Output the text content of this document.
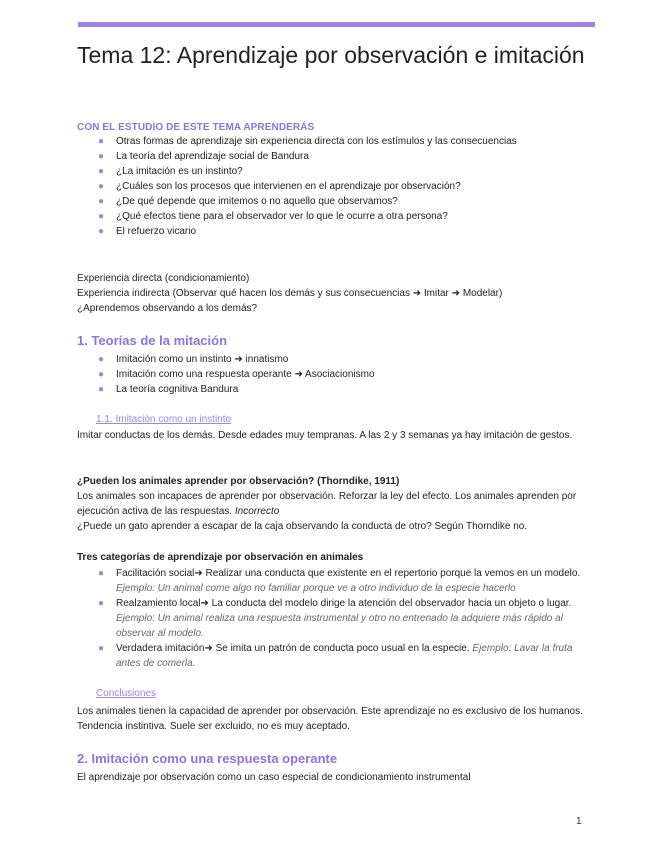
Tema 12: Aprendizaje por observación e imitación
CON EL ESTUDIO DE ESTE TEMA APRENDERÁS
● Otras formas de aprendizaje sin experiencia directa con los estímulos y las consecuencias
● La teoría del aprendizaje social de Bandura
● ¿La imitación es un instinto?
● ¿Cuáles son los procesos que intervienen en el aprendizaje por observación?
● ¿De qué depende que imitemos o no aquello que observamos?
● ¿Qué efectos tiene para el observador ver lo que le ocurre a otra persona?
● El refuerzo vicario
Experiencia directa (condicionamiento)
Experiencia indirecta (Observar qué hacen los demás y sus consecuencias ➜ Imitar ➜ Modelar)
¿Aprendemos observando a los demás?
1. Teorías de la mitación
● Imitación como un instinto ➜ innatismo
● Imitación como una respuesta operante ➜ Asociacionismo
● La teoría cognitiva Bandura
1.1. Imitación como un instinto
Imitar conductas de los demás. Desde edades muy tempranas. A las 2 y 3 semanas ya hay imitación de gestos.
¿Pueden los animales aprender por observación? (Thorndike, 1911)
Los animales son incapaces de aprender por observación. Reforzar la ley del efecto. Los animales aprenden por ejecución activa de las respuestas. Incorrecto
¿Puede un gato aprender a escapar de la caja observando la conducta de otro? Según Thorndike no.
Tres categorías de aprendizaje por observación en animales
● Facilitación social➜ Realizar una conducta que existente en el repertorio porque la vemos en un modelo. Ejemplo: Un animal come algo no familiar porque ve a otro individuo de la especie hacerlo
● Realzamiento local➜ La conducta del modelo dirige la atención del observador hacia un objeto o lugar. Ejemplo: Un animal realiza una respuesta instrumental y otro no entrenado la adquiere más rápido al observar al modelo.
● Verdadera imitación➜ Se imita un patrón de conducta poco usual en la especie. Ejemplo: Lavar la fruta antes de comerla.
Conclusiones
Los animales tienen la capacidad de aprender por observación. Este aprendizaje no es exclusivo de los humanos. Tendencia instintiva. Suele ser excluido, no es muy aceptado.
2. Imitación como una respuesta operante
El aprendizaje por observación como un caso especial de condicionamiento instrumental
1
